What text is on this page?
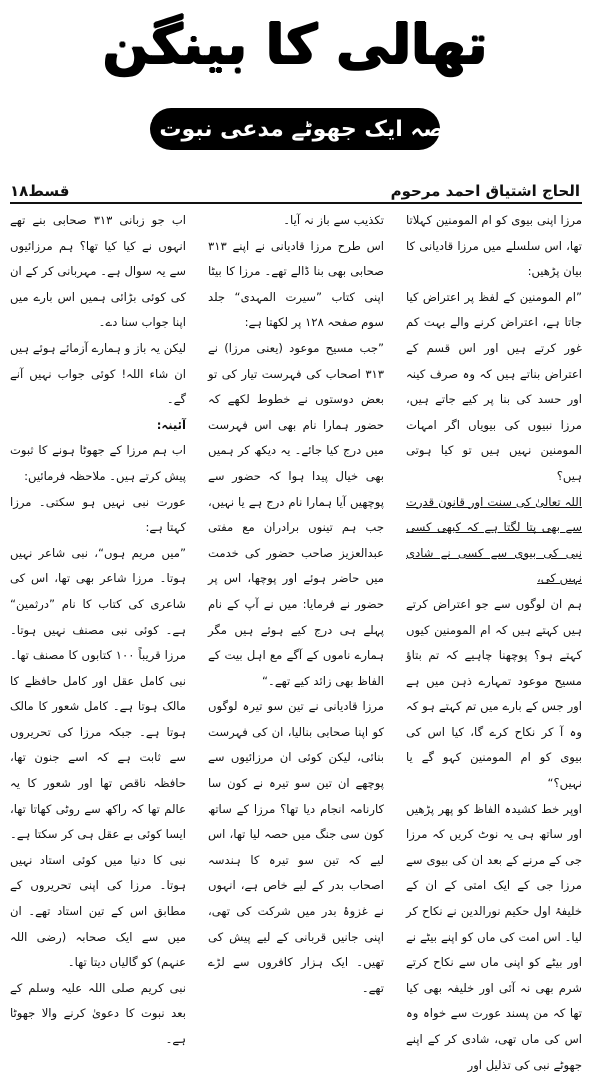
تھالی کا بینگن
قصہ ایک جھوٹے مدعی نبوت کا
قسط۱۸	الحاج اشتیاق احمد مرحوم

مرزا اپنی بیوی کو ام المومنین کہلاتا تھا، اس سلسلے میں مرزا قادیانی کا بیان پڑھیں:

”ام المومنین کے لفظ پر اعتراض کیا جاتا ہے، اعتراض کرنے والے بہت کم غور کرتے ہیں اور اس قسم کے اعتراض بناتے ہیں کہ وہ صرف کینہ اور حسد کی بنا پر کیے جاتے ہیں، مرزا نبیوں کی بیویاں اگر امہات المومنین نہیں ہیں تو کیا ہوتی ہیں؟

اللہ تعالیٰ کی سنت اور قانون قدرت سے بھی پتا لگتا ہے کہ کبھی کسی نبی کی بیوی سے کسی نے شادی نہیں کی،

ہم ان لوگوں سے جو اعتراض کرتے ہیں کہتے ہیں کہ ام المومنین کیوں کہتے ہو؟ پوچھنا چاہیے کہ تم بتاؤ مسیح موعود تمہارے ذہن میں ہے اور جس کے بارے میں تم کہتے ہو کہ وہ آ کر نکاح کرے گا، کیا اس کی بیوی کو ام المومنین کہو گے یا نہیں؟“

اوپر خط کشیدہ الفاظ کو پھر پڑھیں اور ساتھ ہی یہ نوٹ کریں کہ مرزا جی کے مرنے کے بعد ان کی بیوی سے مرزا جی کے ایک امتی کے ان کے خلیفۂ اول حکیم نورالدین نے نکاح کر لیا۔ اس امت کی ماں کو اپنے بیٹے نے اور بیٹے کو اپنی ماں سے نکاح کرتے شرم بھی نہ آئی اور خلیفہ بھی کیا تھا کہ من پسند عورت سے خواہ وہ اس کی ماں تھی، شادی کر کے اپنے جھوٹے نبی کی تذلیل اور

تکذیب سے باز نہ آیا۔

اس طرح مرزا قادیانی نے اپنے ۳۱۳ صحابی بھی بنا ڈالے تھے۔ مرزا کا بیٹا اپنی کتاب ”سیرت المہدی“ جلد سوم صفحہ ۱۲۸ پر لکھتا ہے:

”جب مسیح موعود (یعنی مرزا) نے ۳۱۳ اصحاب کی فہرست تیار کی تو بعض دوستوں نے خطوط لکھے کہ حضور ہمارا نام بھی اس فہرست میں درج کیا جائے۔ یہ دیکھ کر ہمیں بھی خیال پیدا ہوا کہ حضور سے پوچھیں آیا ہمارا نام درج ہے یا نہیں، جب ہم تینوں برادران مع مفتی عبدالعزیز صاحب حضور کی خدمت میں حاضر ہوئے اور پوچھا، اس پر حضور نے فرمایا: میں نے آپ کے نام پہلے ہی درج کیے ہوئے ہیں مگر ہمارے ناموں کے آگے مع اہل بیت کے الفاظ بھی زائد کیے تھے۔“

مرزا قادیانی نے تین سو تیرہ لوگوں کو اپنا صحابی بنالیا، ان کی فہرست بنائی، لیکن کوئی ان مرزائیوں سے پوچھے ان تین سو تیرہ نے کون سا کارنامہ انجام دیا تھا؟ مرزا کے ساتھ کون سی جنگ میں حصہ لیا تھا، اس لیے کہ تین سو تیرہ کا ہندسہ اصحاب بدر کے لیے خاص ہے، انہوں نے غزوۂ بدر میں شرکت کی تھی، اپنی جانیں قربانی کے لیے پیش کی تھیں۔ ایک ہزار کافروں سے لڑے تھے۔

اب جو زبانی ۳۱۳ صحابی بنے تھے انہوں نے کیا کیا تھا؟ ہم مرزائیوں سے یہ سوال ہے۔ مہربانی کر کے ان کی کوئی بڑائی ہمیں اس بارے میں اپنا جواب سنا دے۔

لیکن یہ باز و ہمارے آزمائے ہوئے ہیں ان شاء اللہ! کوئی جواب نہیں آنے گے۔

آئینہ:

اب ہم مرزا کے جھوٹا ہونے کا ثبوت پیش کرتے ہیں۔ ملاحظہ فرمائیں:

عورت نبی نہیں ہو سکتی۔ مرزا کہتا ہے:

”میں مریم ہوں“، نبی شاعر نہیں ہوتا۔ مرزا شاعر بھی تھا، اس کی شاعری کی کتاب کا نام ”درثمین“ ہے۔ کوئی نبی مصنف نہیں ہوتا۔ مرزا قریباً ۱۰۰ کتابوں کا مصنف تھا۔ نبی کامل عقل اور کامل حافظے کا مالک ہوتا ہے۔ کامل شعور کا مالک ہوتا ہے۔ جبکہ مرزا کی تحریروں سے ثابت ہے کہ اسے جنون تھا، حافظہ ناقص تھا اور شعور کا یہ عالم تھا کہ راکھ سے روٹی کھاتا تھا، ایسا کوئی بے عقل ہی کر سکتا ہے۔ نبی کا دنیا میں کوئی استاد نہیں ہوتا۔ مرزا کی اپنی تحریروں کے مطابق اس کے تین استاد تھے۔ ان میں سے ایک صحابہ (رضی اللہ عنہم) کو گالیاں دیتا تھا۔

نبی کریم صلی اللہ علیہ وسلم کے بعد نبوت کا دعویٰ کرنے والا جھوٹا ہے۔
